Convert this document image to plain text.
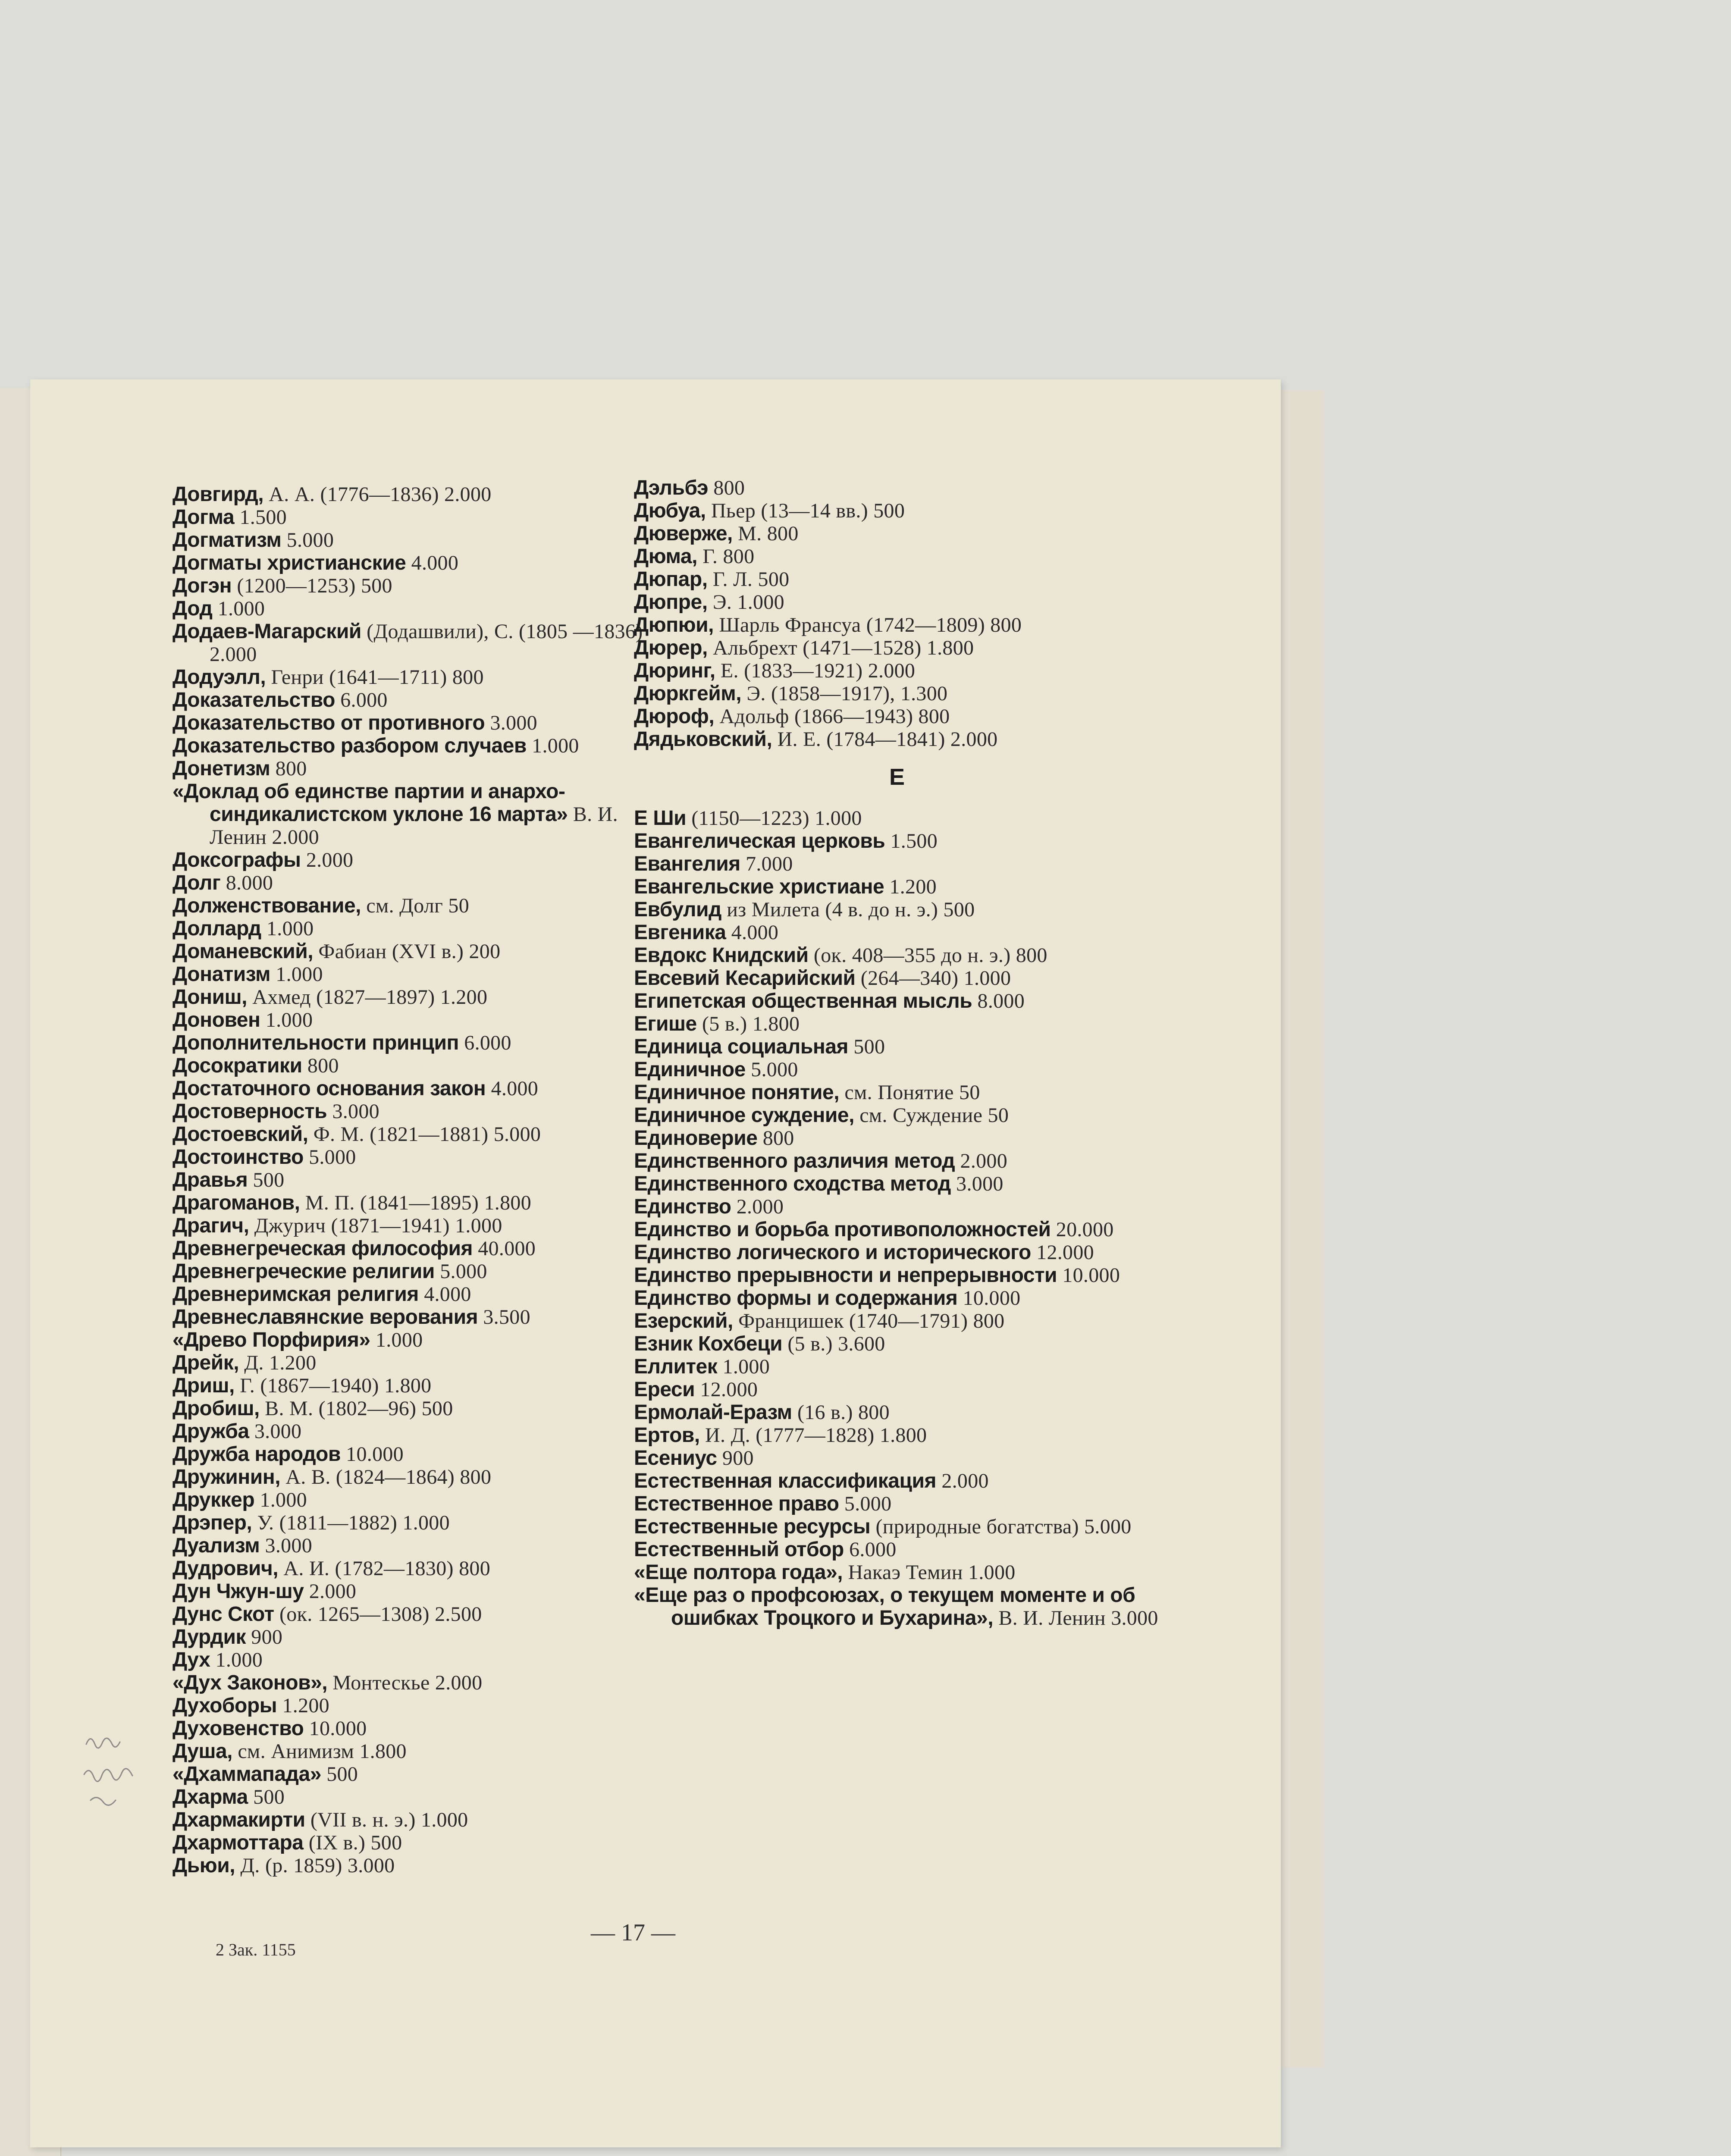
Довгирд, А. А. (1776—1836) 2.000
Догма 1.500
Догматизм 5.000
Догматы христианские 4.000
Догэн (1200—1253) 500
Дод 1.000
Додаев-Магарский (Додашвили), С. (1805 —1836) 2.000
Додуэлл, Генри (1641—1711) 800
Доказательство 6.000
Доказательство от противного 3.000
Доказательство разбором случаев 1.000
Донетизм 800
«Доклад об единстве партии и анархо-синдикалистском уклоне 16 марта» В. И. Ленин 2.000
Доксографы 2.000
Долг 8.000
Долженствование, см. Долг 50
Доллард 1.000
Доманевский, Фабиан (XVI в.) 200
Донатизм 1.000
Дониш, Ахмед (1827—1897) 1.200
Доновен 1.000
Дополнительности принцип 6.000
Досократики 800
Достаточного основания закон 4.000
Достоверность 3.000
Достоевский, Ф. М. (1821—1881) 5.000
Достоинство 5.000
Дравья 500
Драгоманов, М. П. (1841—1895) 1.800
Драгич, Джурич (1871—1941) 1.000
Древнегреческая философия 40.000
Древнегреческие религии 5.000
Древнеримская религия 4.000
Древнеславянские верования 3.500
«Древо Порфирия» 1.000
Дрейк, Д. 1.200
Дриш, Г. (1867—1940) 1.800
Дробиш, В. М. (1802—96) 500
Дружба 3.000
Дружба народов 10.000
Дружинин, А. В. (1824—1864) 800
Друккер 1.000
Дрэпер, У. (1811—1882) 1.000
Дуализм 3.000
Дудрович, А. И. (1782—1830) 800
Дун Чжун-шу 2.000
Дунс Скот (ок. 1265—1308) 2.500
Дурдик 900
Дух 1.000
«Дух Законов», Монтескье 2.000
Духоборы 1.200
Духовенство 10.000
Душа, см. Анимизм 1.800
«Дхаммапада» 500
Дхарма 500
Дхармакирти (VII в. н. э.) 1.000
Дхармоттара (IX в.) 500
Дьюи, Д. (р. 1859) 3.000
Дэльбэ 800
Дюбуа, Пьер (13—14 вв.) 500
Дюверже, М. 800
Дюма, Г. 800
Дюпар, Г. Л. 500
Дюпре, Э. 1.000
Дюпюи, Шарль Франсуа (1742—1809) 800
Дюрер, Альбрехт (1471—1528) 1.800
Дюринг, Е. (1833—1921) 2.000
Дюркгейм, Э. (1858—1917), 1.300
Дюроф, Адольф (1866—1943) 800
Дядьковский, И. Е. (1784—1841) 2.000
Е
Е Ши (1150—1223) 1.000
Евангелическая церковь 1.500
Евангелия 7.000
Евангельские христиане 1.200
Евбулид из Милета (4 в. до н. э.) 500
Евгеника 4.000
Евдокс Книдский (ок. 408—355 до н. э.) 800
Евсевий Кесарийский (264—340) 1.000
Египетская общественная мысль 8.000
Егише (5 в.) 1.800
Единица социальная 500
Единичное 5.000
Единичное понятие, см. Понятие 50
Единичное суждение, см. Суждение 50
Единоверие 800
Единственного различия метод 2.000
Единственного сходства метод 3.000
Единство 2.000
Единство и борьба противоположностей 20.000
Единство логического и исторического 12.000
Единство прерывности и непрерывности 10.000
Единство формы и содержания 10.000
Езерский, Францишек (1740—1791) 800
Езник Кохбеци (5 в.) 3.600
Еллитек 1.000
Ереси 12.000
Ермолай-Еразм (16 в.) 800
Ертов, И. Д. (1777—1828) 1.800
Есениус 900
Естественная классификация 2.000
Естественное право 5.000
Естественные ресурсы (природные богатства) 5.000
Естественный отбор 6.000
«Еще полтора года», Накаэ Темин 1.000
«Еще раз о профсоюзах, о текущем моменте и об ошибках Троцкого и Бухарина», В. И. Ленин 3.000
— 17 —
2 Зак. 1155
